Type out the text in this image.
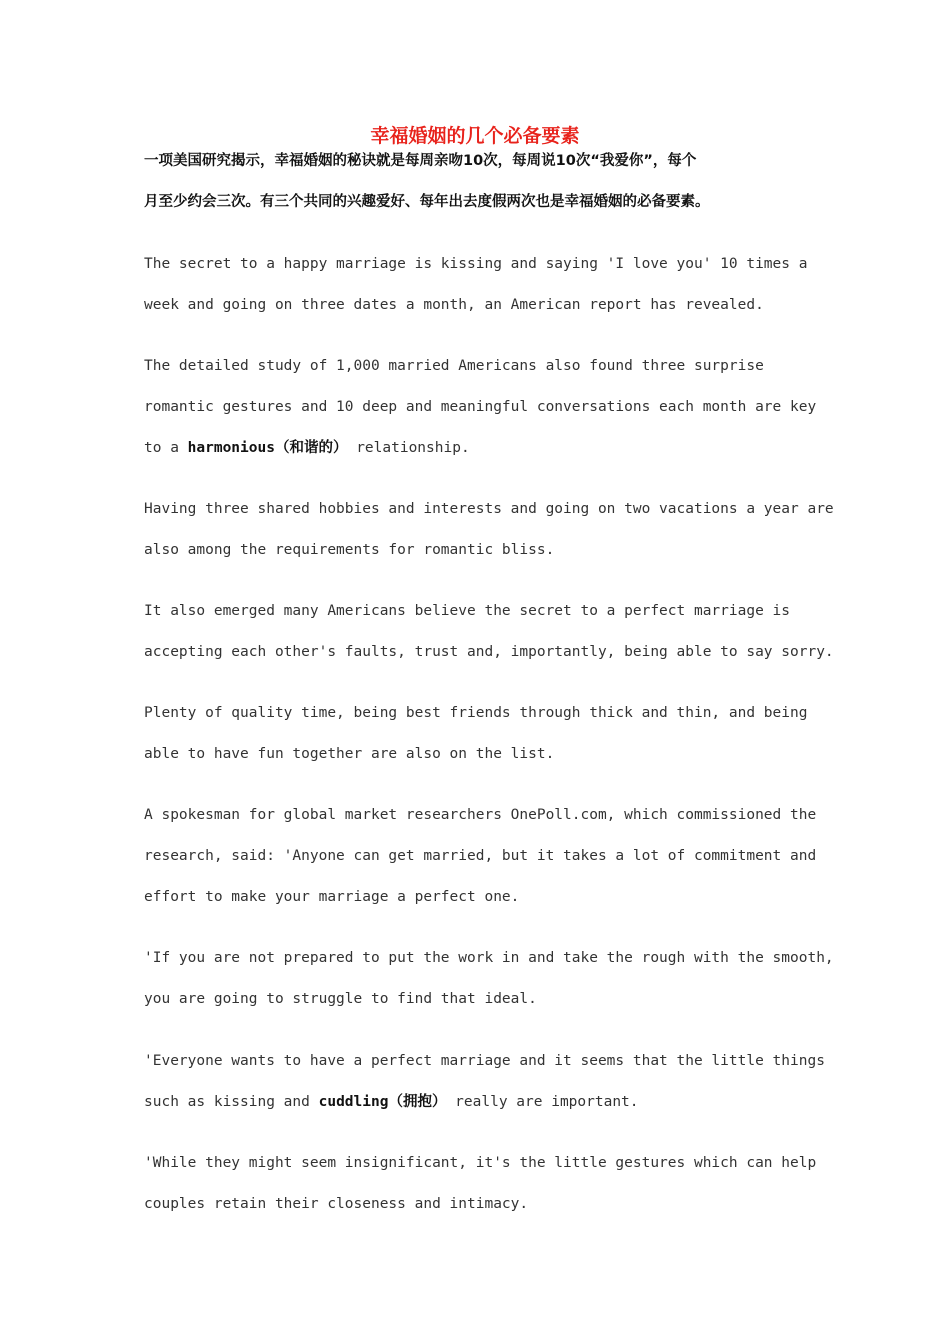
幸福婚姻的几个必备要素
一项美国研究揭示，幸福婚姻的秘诀就是每周亲吻10次，每周说10次“我爱你”，每个
月至少约会三次。有三个共同的兴趣爱好、每年出去度假两次也是幸福婚姻的必备要素。
The secret to a happy marriage is kissing and saying 'I love you' 10 times a
week and going on three dates a month, an American report has revealed.
The detailed study of 1,000 married Americans also found three surprise
romantic gestures and 10 deep and meaningful conversations each month are key
to a harmonious（和谐的） relationship.
Having three shared hobbies and interests and going on two vacations a year are
also among the requirements for romantic bliss.
It also emerged many Americans believe the secret to a perfect marriage is
accepting each other's faults, trust and, importantly, being able to say sorry.
Plenty of quality time, being best friends through thick and thin, and being
able to have fun together are also on the list.
A spokesman for global market researchers OnePoll.com, which commissioned the
research, said: 'Anyone can get married, but it takes a lot of commitment and
effort to make your marriage a perfect one.
'If you are not prepared to put the work in and take the rough with the smooth,
you are going to struggle to find that ideal.
'Everyone wants to have a perfect marriage and it seems that the little things
such as kissing and cuddling（拥抱） really are important.
'While they might seem insignificant, it's the little gestures which can help
couples retain their closeness and intimacy.
